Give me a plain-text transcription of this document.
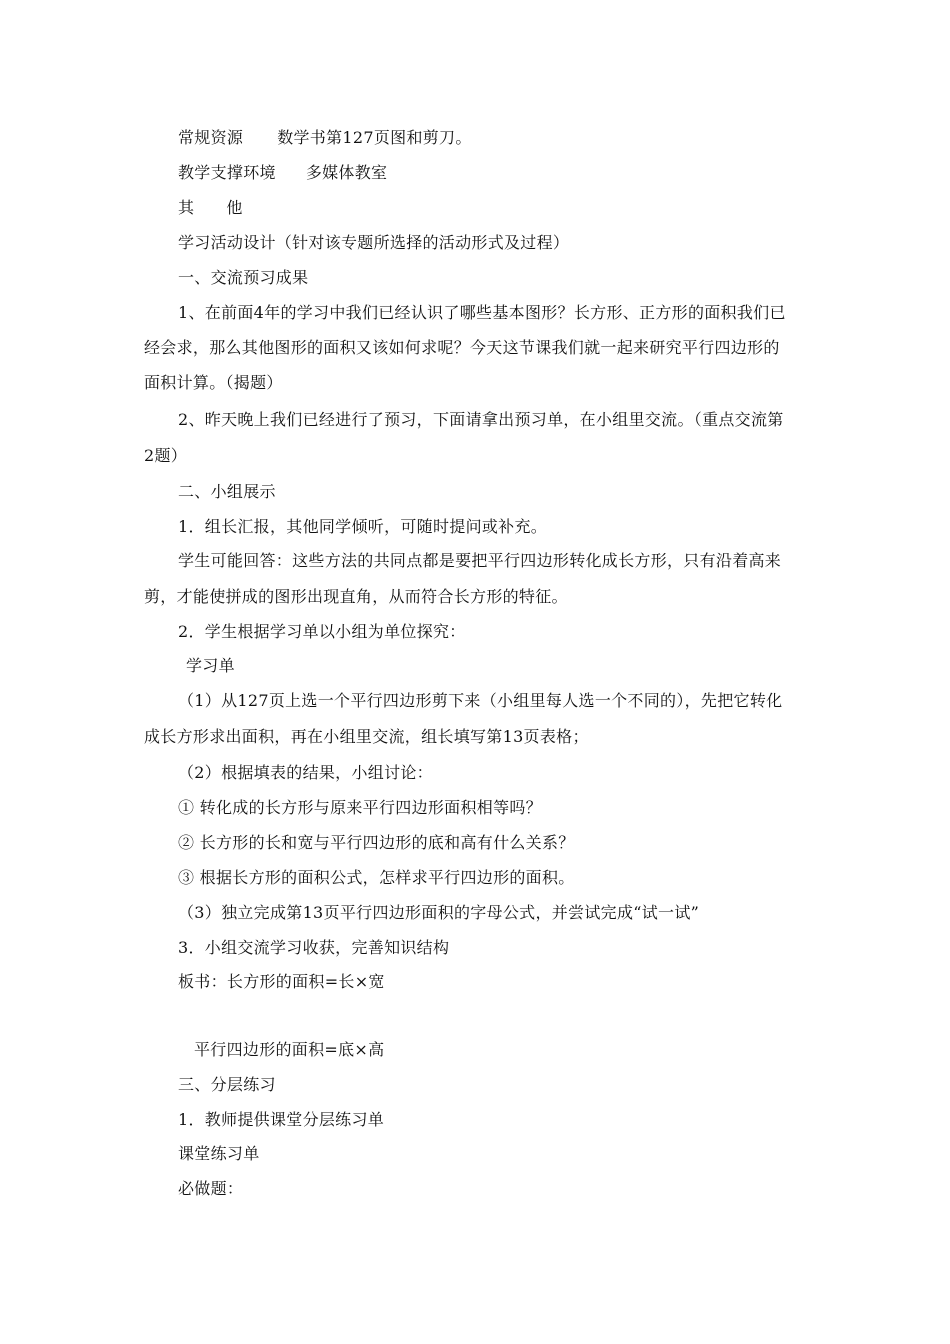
常规资源 数学书第127页图和剪刀。
教学支撑环境 多媒体教室
其 他
学习活动设计（针对该专题所选择的活动形式及过程）
一、交流预习成果
1、在前面4年的学习中我们已经认识了哪些基本图形？长方形、正方形的面积我们已
经会求，那么其他图形的面积又该如何求呢？今天这节课我们就一起来研究平行四边形的
面积计算。（揭题）
2、昨天晚上我们已经进行了预习，下面请拿出预习单，在小组里交流。（重点交流第
2题）
二、小组展示
1．组长汇报，其他同学倾听，可随时提问或补充。
学生可能回答：这些方法的共同点都是要把平行四边形转化成长方形，只有沿着高来
剪，才能使拼成的图形出现直角，从而符合长方形的特征。
2．学生根据学习单以小组为单位探究：
学习单
（1）从127页上选一个平行四边形剪下来（小组里每人选一个不同的），先把它转化
成长方形求出面积，再在小组里交流，组长填写第13页表格；
（2）根据填表的结果，小组讨论：
① 转化成的长方形与原来平行四边形面积相等吗？
② 长方形的长和宽与平行四边形的底和高有什么关系？
③ 根据长方形的面积公式，怎样求平行四边形的面积。
（3）独立完成第13页平行四边形面积的字母公式，并尝试完成“试一试”
3．小组交流学习收获，完善知识结构
板书：长方形的面积=长×宽
平行四边形的面积=底×高
三、分层练习
1．教师提供课堂分层练习单
课堂练习单
必做题：
